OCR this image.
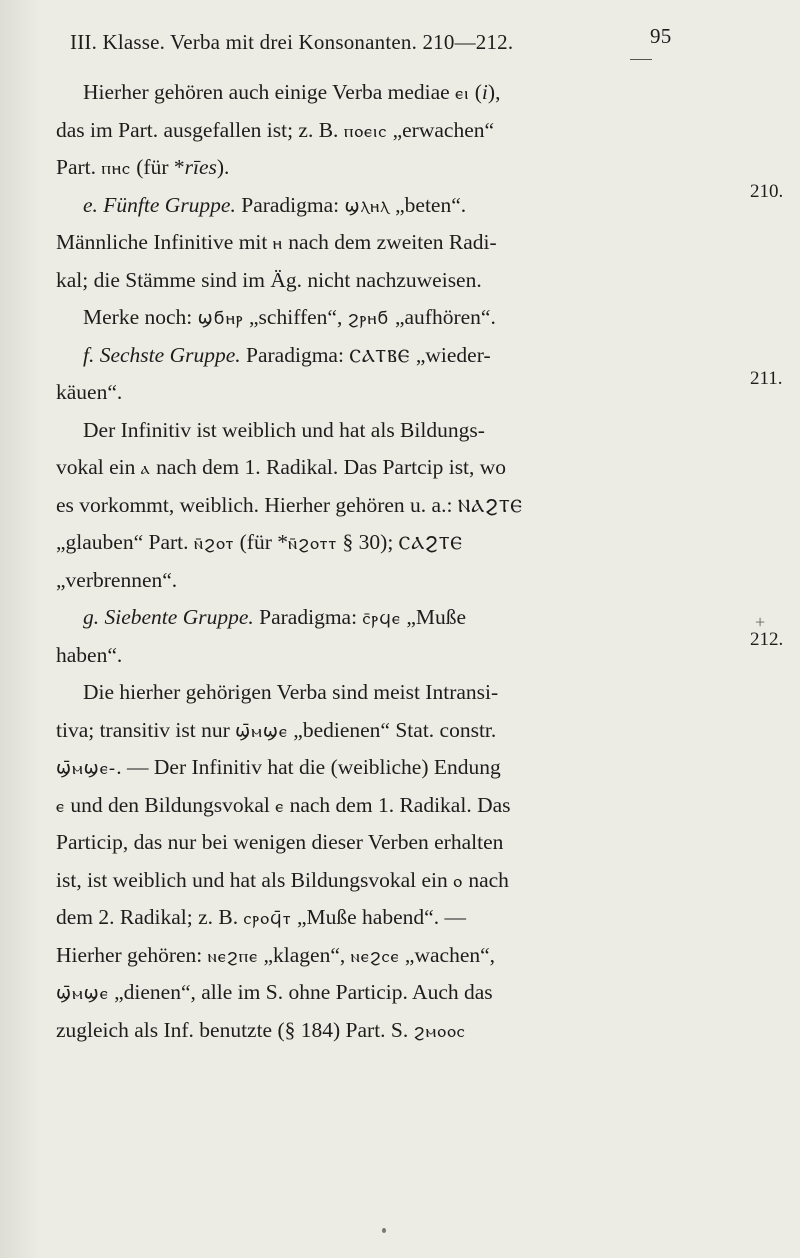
III. Klasse. Verba mit drei Konsonanten. 210—212.	95
Hierher gehören auch einige Verba mediae ⲉⲓ (i),
das im Part. ausgefallen ist; z. B. ⲡⲟⲉⲓⲥ „erwachen“
Part. ⲡⲏⲥ (für *rīes).
e. Fünfte Gruppe. Paradigma: ϣⲗⲏⲗ „beten“.
Männliche Infinitive mit ⲏ nach dem zweiten Radi-
kal; die Stämme sind im Äg. nicht nachzuweisen.
Merke noch: ϣϭⲏⲣ „schiffen“, ϩⲣⲏϭ „aufhören“.
f. Sechste Gruppe. Paradigma: ⲤⲀⲦⲂⲈ „wieder-
käuen“.
Der Infinitiv ist weiblich und hat als Bildungs-
vokal ein ⲁ nach dem 1. Radikal. Das Partcip ist, wo
es vorkommt, weiblich. Hierher gehören u. a.: ⲚⲀϨⲦⲈ
„glauben“ Part. ⲛ̄ϩⲟⲧ (für *ⲛ̄ϩⲟⲧⲧ § 30); ⲤⲀϨⲦⲈ
„verbrennen“.
g. Siebente Gruppe. Paradigma: ⲥ̄ⲣϥⲉ „Muße
haben“.
Die hierher gehörigen Verba sind meist Intransi-
tiva; transitiv ist nur ϣ̄ⲙϣⲉ „bedienen“ Stat. constr.
ϣ̄ⲙϣⲉ-. — Der Infinitiv hat die (weibliche) Endung
ⲉ und den Bildungsvokal ⲉ nach dem 1. Radikal. Das
Particip, das nur bei wenigen dieser Verben erhalten
ist, ist weiblich und hat als Bildungsvokal ein ⲟ nach
dem 2. Radikal; z. B. ⲥⲣⲟϥ̄ⲧ „Muße habend“. —
Hierher gehören: ⲛⲉϩⲡⲉ „klagen“, ⲛⲉϩⲥⲉ „wachen“,
ϣ̄ⲙϣⲉ „dienen“, alle im S. ohne Particip. Auch das
zugleich als Inf. benutzte (§ 184) Part. S. ϩⲙⲟⲟⲥ
210.
211.
212.
+
